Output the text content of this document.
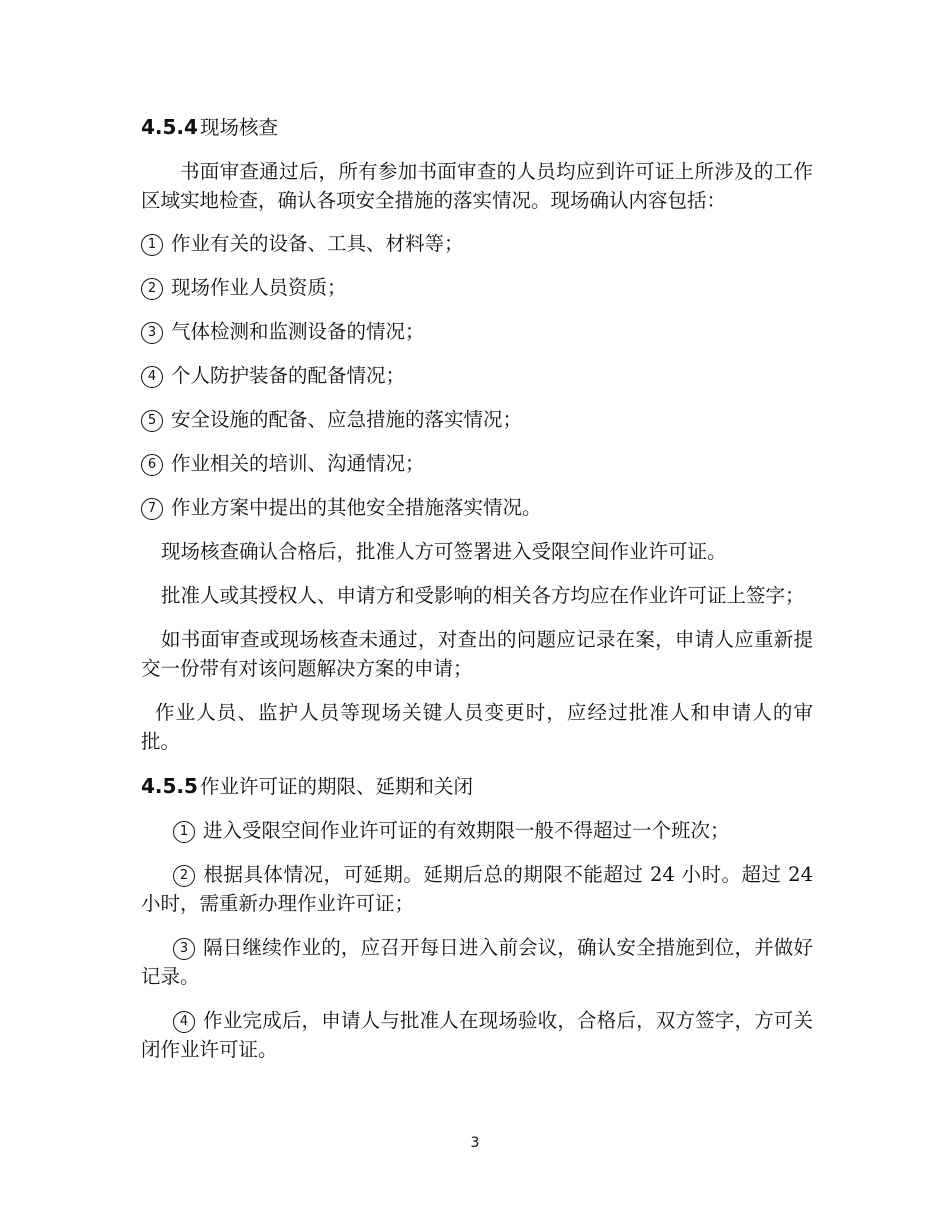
4.5.4 现场核查

书面审查通过后，所有参加书面审查的人员均应到许可证上所涉及的工作区域实地检查，确认各项安全措施的落实情况。现场确认内容包括：

1 作业有关的设备、工具、材料等；

2 现场作业人员资质；

3 气体检测和监测设备的情况；

4 个人防护装备的配备情况；

5 安全设施的配备、应急措施的落实情况；

6 作业相关的培训、沟通情况；

7 作业方案中提出的其他安全措施落实情况。

现场核查确认合格后，批准人方可签署进入受限空间作业许可证。

批准人或其授权人、申请方和受影响的相关各方均应在作业许可证上签字；

如书面审查或现场核查未通过，对查出的问题应记录在案，申请人应重新提交一份带有对该问题解决方案的申请；

作业人员、监护人员等现场关键人员变更时，应经过批准人和申请人的审批。

4.5.5 作业许可证的期限、延期和关闭

1 进入受限空间作业许可证的有效期限一般不得超过一个班次；

2 根据具体情况，可延期。延期后总的期限不能超过 24 小时。超过 24 小时，需重新办理作业许可证；

3 隔日继续作业的，应召开每日进入前会议，确认安全措施到位，并做好记录。

4 作业完成后，申请人与批准人在现场验收，合格后，双方签字，方可关闭作业许可证。

3
